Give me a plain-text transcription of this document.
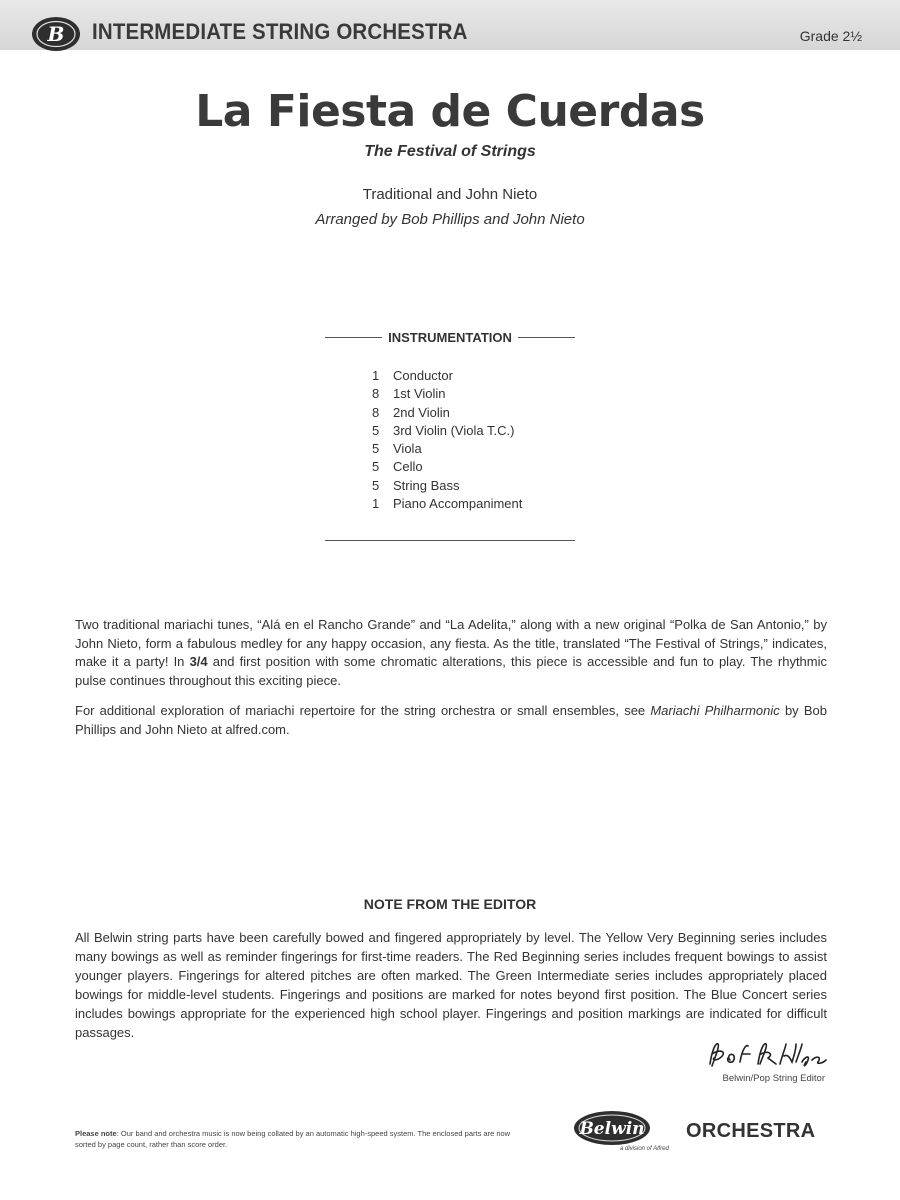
B INTERMEDIATE STRING ORCHESTRA	Grade 2½
La Fiesta de Cuerdas
The Festival of Strings
Traditional and John Nieto
Arranged by Bob Phillips and John Nieto
INSTRUMENTATION
1	Conductor
8	1st Violin
8	2nd Violin
5	3rd Violin (Viola T.C.)
5	Viola
5	Cello
5	String Bass
1	Piano Accompaniment

Two traditional mariachi tunes, “Alá en el Rancho Grande” and “La Adelita,” along with a new original “Polka de San Antonio,” by John Nieto, form a fabulous medley for any happy occasion, any fiesta. As the title, translated “The Festival of Strings,” indicates, make it a party! In 3/4 and first position with some chromatic alterations, this piece is accessible and fun to play. The rhythmic pulse continues throughout this exciting piece.

For additional exploration of mariachi repertoire for the string orchestra or small ensembles, see Mariachi Philharmonic by Bob Phillips and John Nieto at alfred.com.

NOTE FROM THE EDITOR

All Belwin string parts have been carefully bowed and fingered appropriately by level. The Yellow Very Beginning series includes many bowings as well as reminder fingerings for first-time readers. The Red Beginning series includes frequent bowings to assist younger players. Fingerings for altered pitches are often marked. The Green Intermediate series includes appropriately placed bowings for middle-level students. Fingerings and positions are marked for notes beyond first position. The Blue Concert series includes bowings appropriate for the experienced high school player. Fingerings and position markings are indicated for difficult passages.

Belwin/Pop String Editor
Please note: Our band and orchestra music is now being collated by an automatic high-speed system. The enclosed parts are now sorted by page count, rather than score order.
Belwin ORCHESTRA
a division of Alfred
